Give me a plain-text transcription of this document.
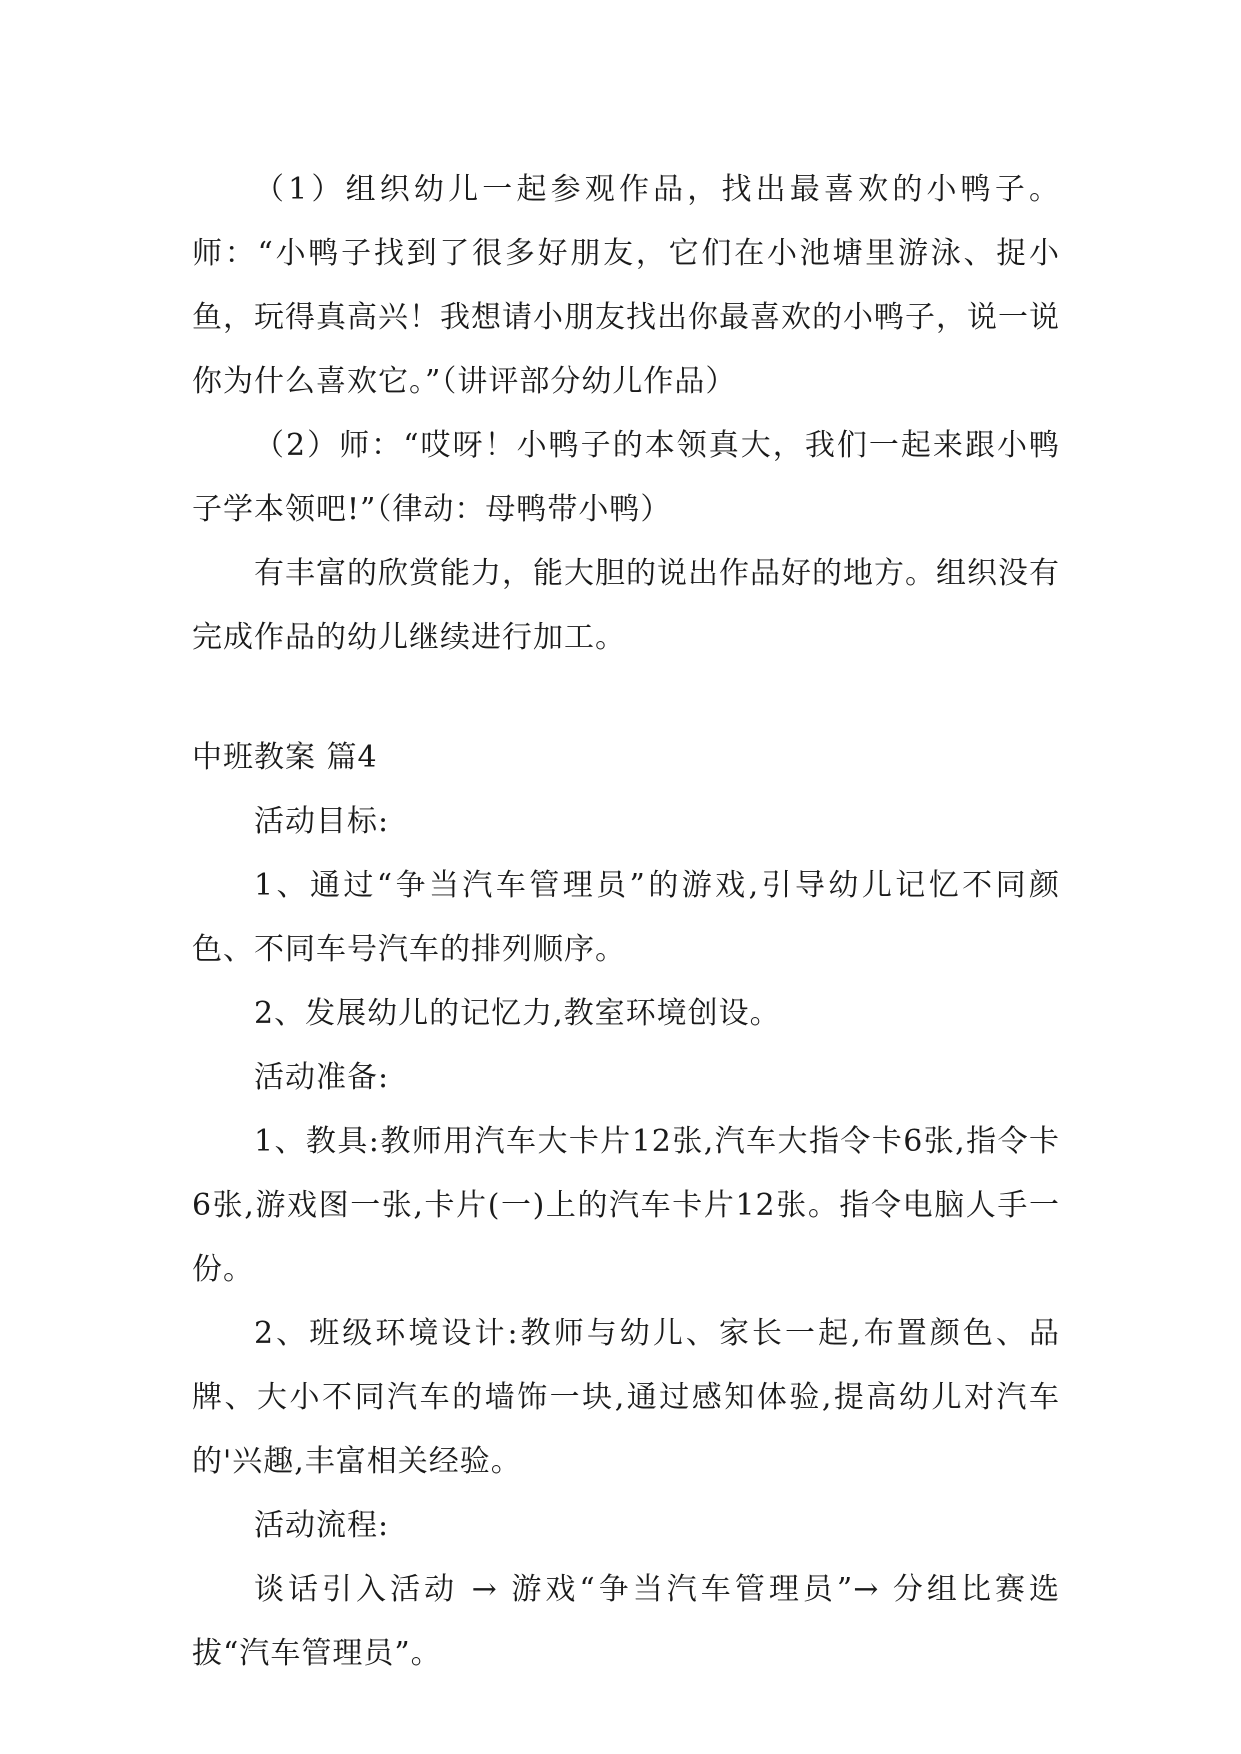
（1）组织幼儿一起参观作品，找出最喜欢的小鸭子。师：“小鸭子找到了很多好朋友，它们在小池塘里游泳、捉小鱼，玩得真高兴！我想请小朋友找出你最喜欢的小鸭子，说一说你为什么喜欢它。”（讲评部分幼儿作品）

（2）师：“哎呀！小鸭子的本领真大，我们一起来跟小鸭子学本领吧!”（律动：母鸭带小鸭）

有丰富的欣赏能力，能大胆的说出作品好的地方。组织没有完成作品的幼儿继续进行加工。

中班教案 篇4

活动目标:

1、通过“争当汽车管理员”的游戏,引导幼儿记忆不同颜色、不同车号汽车的排列顺序。

2、发展幼儿的记忆力,教室环境创设。

活动准备:

1、教具:教师用汽车大卡片12张,汽车大指令卡6张,指令卡6张,游戏图一张,卡片(一)上的汽车卡片12张。指令电脑人手一份。

2、班级环境设计:教师与幼儿、家长一起,布置颜色、品牌、大小不同汽车的墙饰一块,通过感知体验,提高幼儿对汽车的'兴趣,丰富相关经验。

活动流程:

谈话引入活动 → 游戏“争当汽车管理员”→ 分组比赛选拔“汽车管理员”。
